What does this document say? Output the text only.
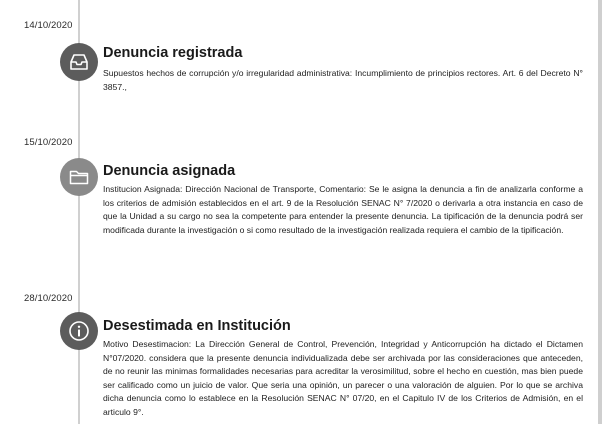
14/10/2020
Denuncia registrada
Supuestos hechos de corrupción y/o irregularidad administrativa: Incumplimiento de principios rectores. Art. 6 del Decreto N° 3857.,
15/10/2020
Denuncia asignada
Institucion Asignada: Dirección Nacional de Transporte, Comentario: Se le asigna la denuncia a fin de analizarla conforme a los criterios de admisión establecidos en el art. 9 de la Resolución SENAC N° 7/2020 o derivarla a otra instancia en caso de que la Unidad a su cargo no sea la competente para entender la presente denuncia. La tipificación de la denuncia podrá ser modificada durante la investigación o si como resultado de la investigación realizada requiera el cambio de la tipificación.
28/10/2020
Desestimada en Institución
Motivo Desestimacion: La Dirección General de Control, Prevención, Integridad y Anticorrupción ha dictado el Dictamen N°07/2020. considera que la presente denuncia individualizada debe ser archivada por las consideraciones que anteceden, de no reunir las minimas formalidades necesarias para acreditar la verosimilitud, sobre el hecho en cuestión, mas bien puede ser calificado como un juicio de valor. Que seria una opinión, un parecer o una valoración de alguien. Por lo que se archiva dicha denuncia como lo establece en la Resolución SENAC N° 07/20, en el Capitulo IV de los Criterios de Admisión, en el articulo 9°.
